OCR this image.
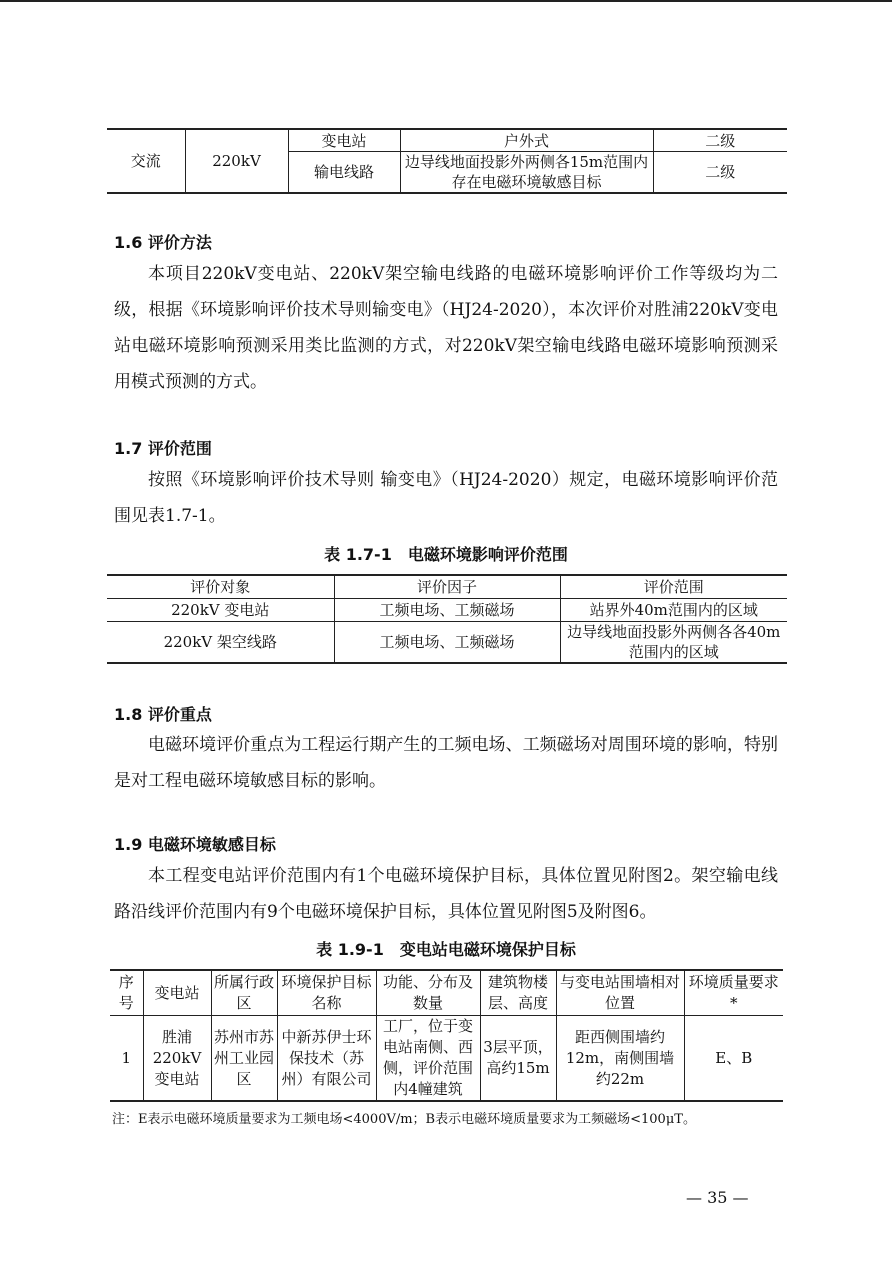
交流	220kV	变电站	户外式	二级
		输电线路	边导线地面投影外两侧各15m范围内存在电磁环境敏感目标	二级
1.6 评价方法

本项目220kV变电站、220kV架空输电线路的电磁环境影响评价工作等级均为二级，根据《环境影响评价技术导则输变电》（HJ24-2020），本次评价对胜浦220kV变电站电磁环境影响预测采用类比监测的方式，对220kV架空输电线路电磁环境影响预测采用模式预测的方式。

1.7 评价范围

按照《环境影响评价技术导则 输变电》（HJ24-2020）规定，电磁环境影响评价范围见表1.7-1。

表 1.7-1　电磁环境影响评价范围
评价对象	评价因子	评价范围
220kV 变电站	工频电场、工频磁场	站界外40m范围内的区域
220kV 架空线路	工频电场、工频磁场	边导线地面投影外两侧各各40m范围内的区域
1.8 评价重点

电磁环境评价重点为工程运行期产生的工频电场、工频磁场对周围环境的影响，特别是对工程电磁环境敏感目标的影响。

1.9 电磁环境敏感目标

本工程变电站评价范围内有1个电磁环境保护目标，具体位置见附图2。架空输电线路沿线评价范围内有9个电磁环境保护目标，具体位置见附图5及附图6。

表 1.9-1　变电站电磁环境保护目标
序号	变电站	所属行政区	环境保护目标名称	功能、分布及数量	建筑物楼层、高度	与变电站围墙相对位置	环境质量要求*
1	胜浦220kV变电站	苏州市苏州工业园区	中新苏伊士环保技术（苏州）有限公司	工厂，位于变电站南侧、西侧，评价范围内4幢建筑	3层平顶，高约15m	距西侧围墙约12m，南侧围墙约22m	E、B
注：E表示电磁环境质量要求为工频电场<4000V/m；B表示电磁环境质量要求为工频磁场<100μT。
— 35 —
